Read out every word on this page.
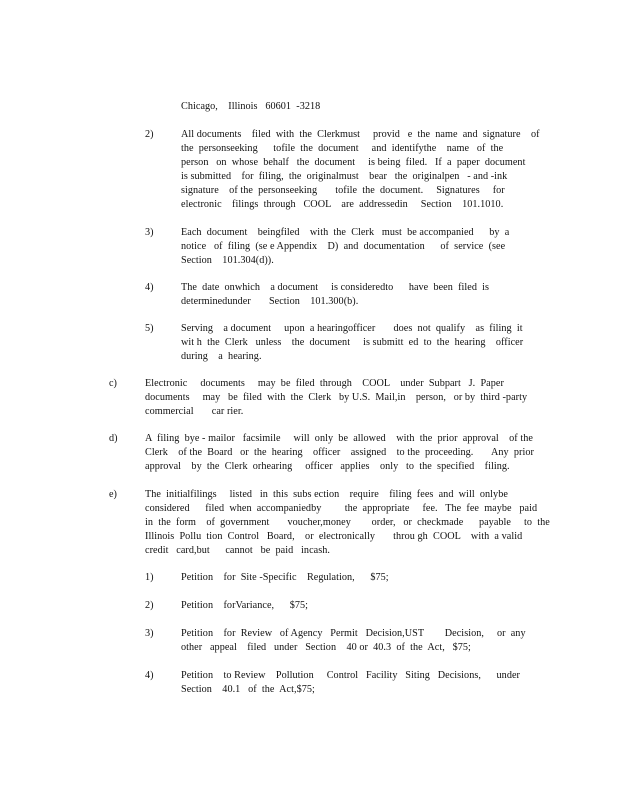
Chicago,    Illinois   60601  -3218
2)	All documents    filed  with  the  Clerkmust     provid   e  the  name  and  signature    of
the  personseeking      tofile  the  document     and  identifythe    name   of  the
person   on  whose  behalf   the  document     is being  filed.   If  a  paper  document
is submitted    for  filing,  the  originalmust    bear   the  originalpen   - and -ink
signature    of the  personseeking       tofile  the  document.     Signatures     for
electronic    filings  through   COOL    are  addressedin     Section    101.1010.
3)	Each  document    beingfiled    with  the  Clerk   must  be accompanied      by  a
notice   of  filing  (se e Appendix    D)  and  documentation      of  service  (see
Section    101.304(d)).
4)	The  date  onwhich    a document     is consideredto      have  been  filed  is
determinedunder       Section    101.300(b).
5)	Serving    a document     upon  a hearingofficer       does  not  qualify    as  filing  it
wit h  the  Clerk   unless    the  document     is submitt  ed  to  the  hearing    officer
during    a  hearing.
c)	Electronic     documents     may  be  filed  through    COOL    under  Subpart   J.  Paper
documents     may   be  filed  with  the  Clerk   by U.S.  Mail,in    person,   or by  third -party
commercial       car rier.
d)	A  filing  bye - mailor   facsimile     will  only  be  allowed    with  the  prior  approval    of the
Clerk    of the  Board   or  the  hearing    officer    assigned    to the  proceeding.       Any  prior
approval    by  the  Clerk  orhearing     officer   applies    only   to  the  specified    filing.
e)	The  initialfilings     listed   in  this  subs ection    require    filing  fees  and  will  onlybe
considered      filed  when  accompaniedby         the  appropriate     fee.   The  fee  maybe   paid
in  the  form    of  government       voucher,money        order,   or  checkmade      payable     to  the
Illinois  Pollu  tion  Control   Board,    or  electronically       throu gh  COOL    with  a valid
credit   card,but      cannot   be  paid   incash.
1)	Petition    for  Site -Specific    Regulation,      $75;
2)	Petition    forVariance,      $75;
3)	Petition    for  Review   of Agency   Permit   Decision,UST        Decision,     or  any
other   appeal    filed   under   Section    40 or  40.3  of  the  Act,   $75;
4)	Petition    to Review    Pollution     Control   Facility   Siting   Decisions,      under
Section    40.1   of  the  Act,$75;
